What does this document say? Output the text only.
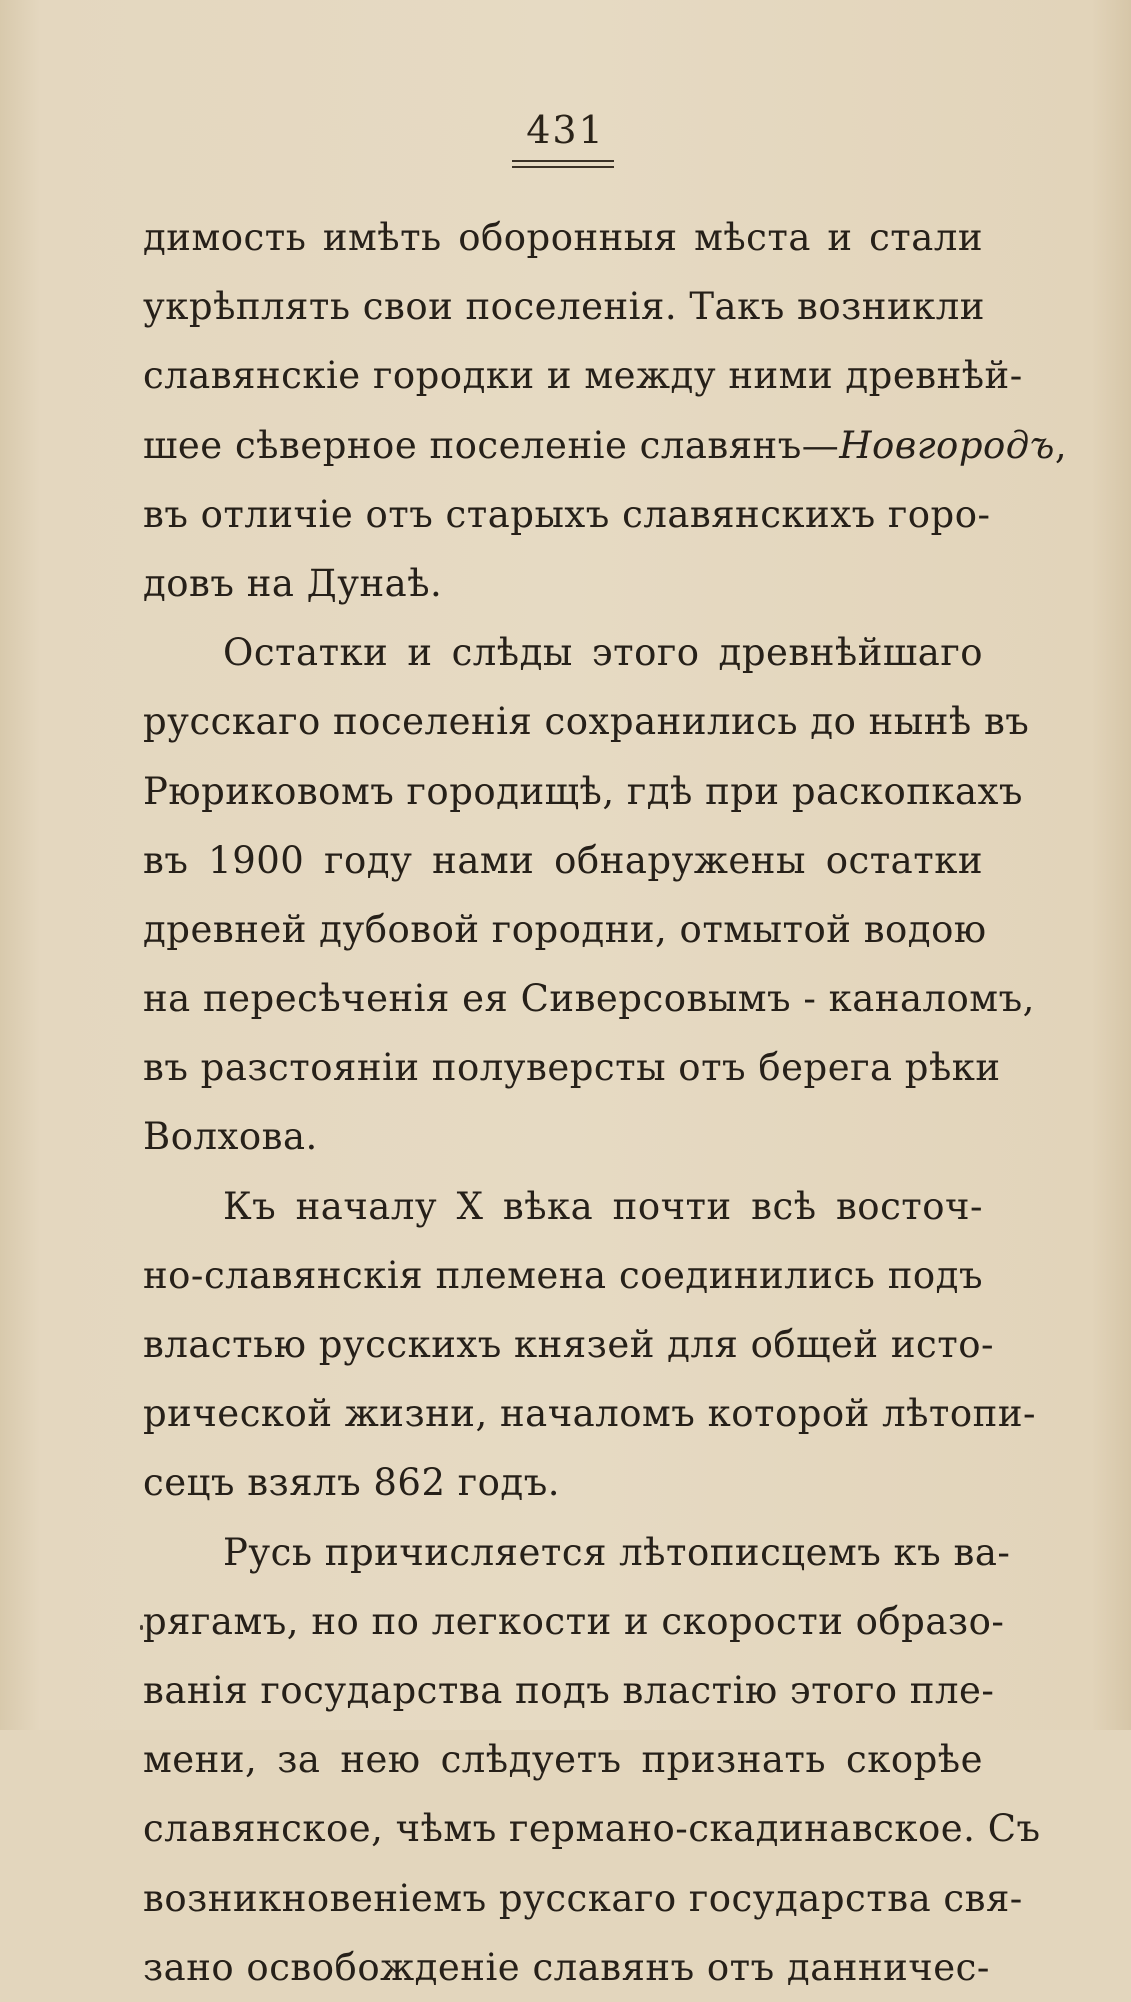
431
димость имѣть оборонныя мѣста и стали
укрѣплять свои поселенія. Такъ возникли
славянскіе городки и между ними древнѣй-
шее сѣверное поселеніе славянъ—Новгородъ,
въ отличіе отъ старыхъ славянскихъ горо-
довъ на Дунаѣ.
Остатки и слѣды этого древнѣйшаго
русскаго поселенія сохранились до нынѣ въ
Рюриковомъ городищѣ, гдѣ при раскопкахъ
въ 1900 году нами обнаружены остатки
древней дубовой городни, отмытой водою
на пересѣченія ея Сиверсовымъ - каналомъ,
въ разстояніи полуверсты отъ берега рѣки
Волхова.
Къ началу X вѣка почти всѣ восточ-
но-славянскія племена соединились подъ
властью русскихъ князей для общей исто-
рической жизни, началомъ которой лѣтопи-
сецъ взялъ 862 годъ.
Русь причисляется лѣтописцемъ къ ва-
рягамъ, но по легкости и скорости образо-
ванія государства подъ властію этого пле-
мени, за нею слѣдуетъ признать скорѣе
славянское, чѣмъ германо-скадинавское. Съ
возникновеніемъ русскаго государства свя-
зано освобожденіе славянъ отъ данничес-
